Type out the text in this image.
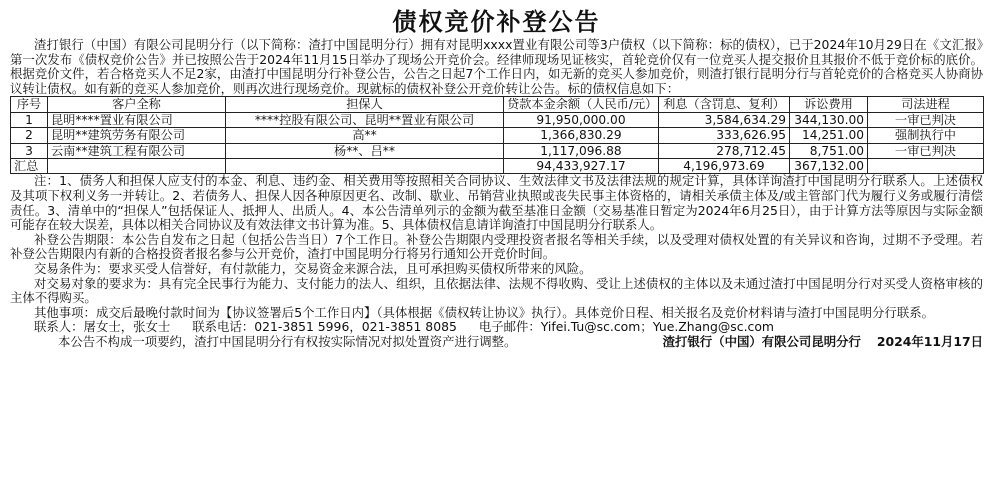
债权竞价补登公告

渣打银行（中国）有限公司昆明分行（以下简称：渣打中国昆明分行）拥有对昆明xxxx置业有限公司等3户债权（以下简称：标的债权），已于2024年10月29日在《文汇报》第一次发布《债权竞价公告》并已按照公告于2024年11月15日举办了现场公开竞价会。经律师现场见证核实，首轮竞价仅有一位竞买人提交报价且其报价不低于竞价标的底价。根据竞价文件，若合格竞买人不足2家，由渣打中国昆明分行补登公告，公告之日起7个工作日内，如无新的竞买人参加竞价，则渣打银行昆明分行与首轮竞价的合格竞买人协商协议转让债权。如有新的竞买人参加竞价，则再次进行现场竞价。现就标的债权补登公开竞价转让公告。标的债权信息如下：

序号	客户全称	担保人	贷款本金余额（人民币/元）	利息（含罚息、复利）	诉讼费用	司法进程
1	昆明****置业有限公司	****控股有限公司、昆明**置业有限公司	91,950,000.00	3,584,634.29	344,130.00	一审已判决
2	昆明**建筑劳务有限公司	高**	1,366,830.29	333,626.95	14,251.00	强制执行中
3	云南**建筑工程有限公司	杨**、吕**	1,117,096.88	278,712.45	8,751.00	一审已判决
汇总			94,433,927.17	4,196,973.69	367,132.00	

注：1、债务人和担保人应支付的本金、利息、违约金、相关费用等按照相关合同协议、生效法律文书及法律法规的规定计算，具体详询渣打中国昆明分行联系人。上述债权及其项下权利义务一并转让。2、若债务人、担保人因各种原因更名、改制、歇业、吊销营业执照或丧失民事主体资格的，请相关承债主体及/或主管部门代为履行义务或履行清偿责任。3、清单中的“担保人”包括保证人、抵押人、出质人。4、本公告清单列示的金额为截至基准日金额（交易基准日暂定为2024年6月25日），由于计算方法等原因与实际金额可能存在较大误差，具体以相关合同协议及有效法律文书计算为准。5、具体债权信息请详询渣打中国昆明分行联系人。

补登公告期限：本公告自发布之日起（包括公告当日）7个工作日。补登公告期限内受理投资者报名等相关手续，以及受理对债权处置的有关异议和咨询，过期不予受理。若补登公告期限内有新的合格投资者报名参与公开竞价，渣打中国昆明分行将另行通知公开竞价时间。

交易条件为：要求买受人信誉好，有付款能力，交易资金来源合法，且可承担购买债权所带来的风险。

对交易对象的要求为：具有完全民事行为能力、支付能力的法人、组织，且依据法律、法规不得收购、受让上述债权的主体以及未通过渣打中国昆明分行对买受人资格审核的主体不得购买。

其他事项：成交后最晚付款时间为【协议签署后5个工作日内】（具体根据《债权转让协议》执行）。具体竞价日程、相关报名及竞价材料请与渣打中国昆明分行联系。

联系人：屠女士，张女士 联系电话：021-3851 5996，021-3851 8085 电子邮件：Yifei.Tu@sc.com；Yue.Zhang@sc.com

本公告不构成一项要约，渣打中国昆明分行有权按实际情况对拟处置资产进行调整。	渣打银行（中国）有限公司昆明分行 2024年11月17日
